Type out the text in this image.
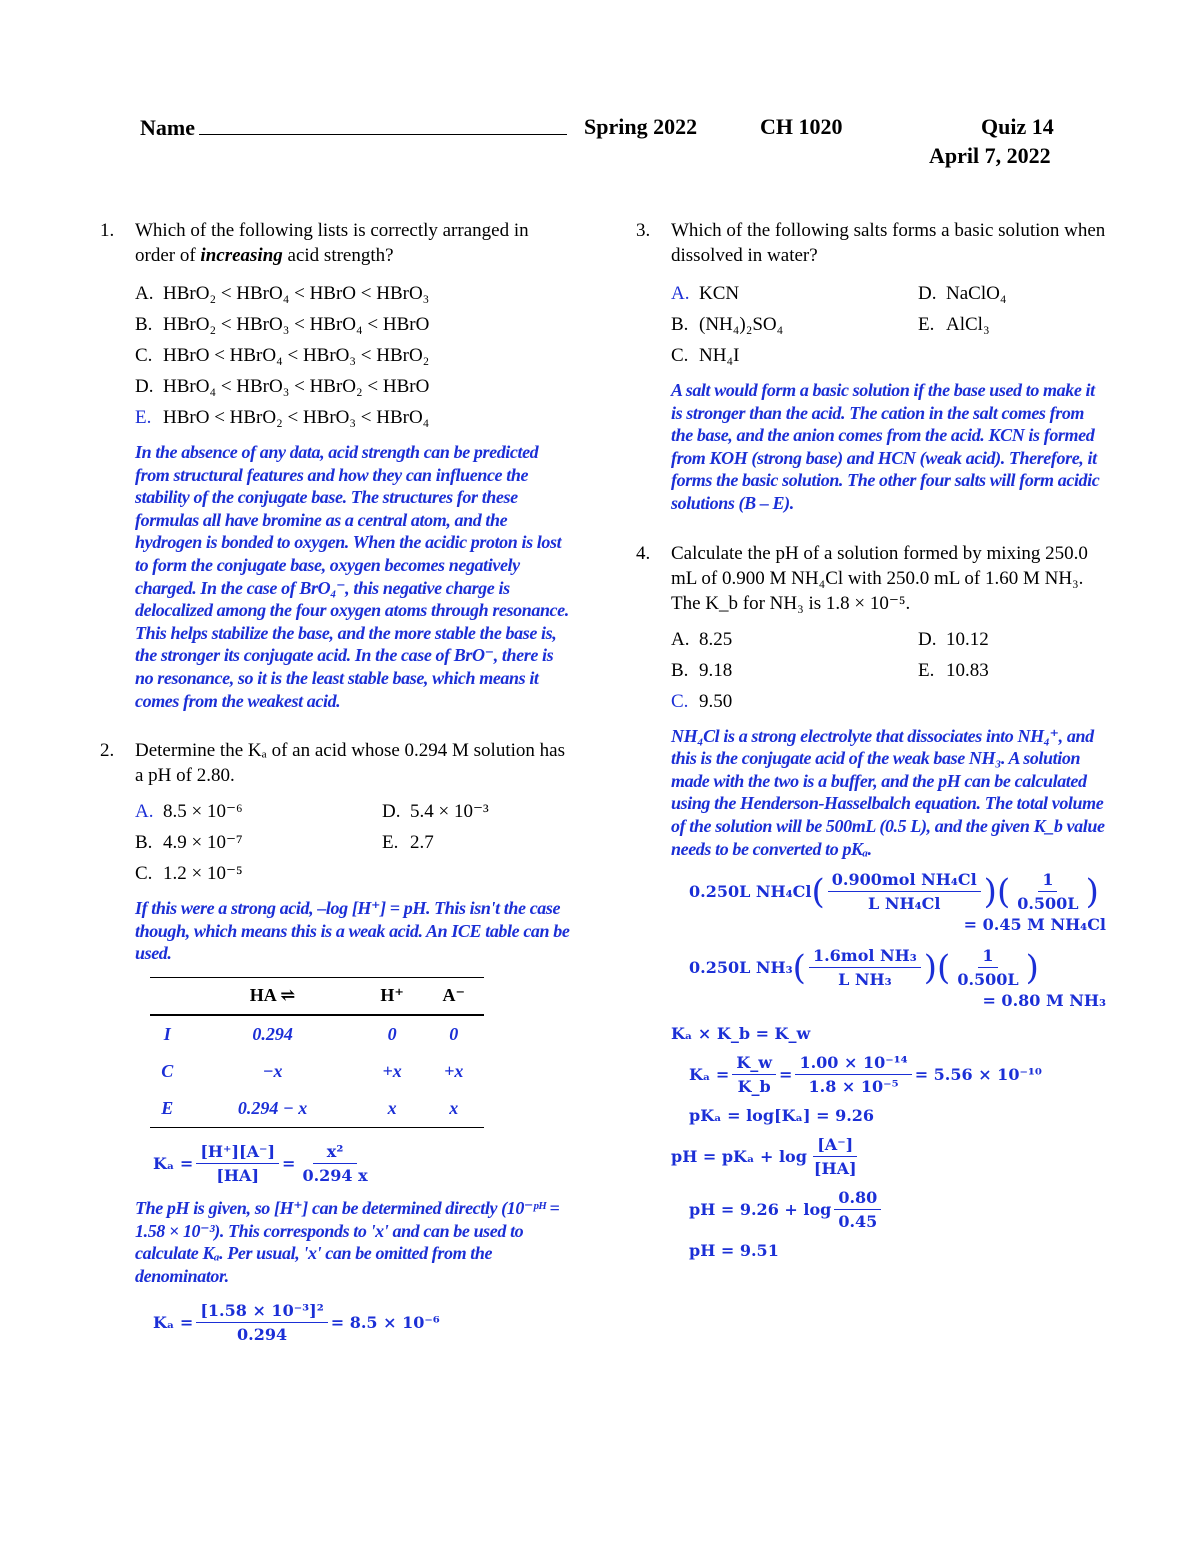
Name	Spring 2022	CH 1020	Quiz 14
April 7, 2022
1.	Which of the following lists is correctly arranged in order of increasing acid strength?
A. HBrO₂ < HBrO₄ < HBrO < HBrO₃
B. HBrO₂ < HBrO₃ < HBrO₄ < HBrO
C. HBrO < HBrO₄ < HBrO₃ < HBrO₂
D. HBrO₄ < HBrO₃ < HBrO₂ < HBrO
E. HBrO < HBrO₂ < HBrO₃ < HBrO₄
In the absence of any data, acid strength can be predicted from structural features and how they can influence the stability of the conjugate base. The structures for these formulas all have bromine as a central atom, and the hydrogen is bonded to oxygen. When the acidic proton is lost to form the conjugate base, oxygen becomes negatively charged. In the case of BrO₄⁻, this negative charge is delocalized among the four oxygen atoms through resonance. This helps stabilize the base, and the more stable the base is, the stronger its conjugate acid. In the case of BrO⁻, there is no resonance, so it is the least stable base, which means it comes from the weakest acid.
2.	Determine the Kₐ of an acid whose 0.294 M solution has a pH of 2.80.
A. 8.5 × 10⁻⁶	D. 5.4 × 10⁻³
B. 4.9 × 10⁻⁷	E. 2.7
C. 1.2 × 10⁻⁵
If this were a strong acid, –log [H⁺] = pH. This isn't the case though, which means this is a weak acid. An ICE table can be used.
	HA ⇌	H⁺	A⁻
I	0.294	0	0
C	−x	+x	+x
E	0.294 − x	x	x
$K_a = \frac{[H^+][A^-]}{[HA]} = \frac{\text{x²}}{0.294 x}$
The pH is given, so [H⁺] can be determined directly (10⁻ᵖᴴ = 1.58 × 10⁻³). This corresponds to 'x' and can be used to calculate Kₐ. Per usual, 'x' can be omitted from the denominator.
$K_a = \frac{\text{[1.58 × 10⁻³]²}}{0.294} = 8.5 \times 10^{-6}$
3.	Which of the following salts forms a basic solution when dissolved in water?
A. KCN	D. NaClO₄
B. (NH₄)₂SO₄	E. AlCl₃
C. NH₄I
A salt would form a basic solution if the base used to make it is stronger than the acid. The cation in the salt comes from the base, and the anion comes from the acid. KCN is formed from KOH (strong base) and HCN (weak acid). Therefore, it forms the basic solution. The other four salts will form acidic solutions (B – E).
4.	Calculate the pH of a solution formed by mixing 250.0 mL of 0.900 M NH₄Cl with 250.0 mL of 1.60 M NH₃. The K_b for NH₃ is 1.8 × 10⁻⁵.
A. 8.25	D. 10.12
B. 9.18	E. 10.83
C. 9.50
NH₄Cl is a strong electrolyte that dissociates into NH₄⁺, and this is the conjugate acid of the weak base NH₃. A solution made with the two is a buffer, and the pH can be calculated using the Henderson-Hasselbalch equation. The total volume of the solution will be 500mL (0.5 L), and the given K_b value needs to be converted to pKₐ.
0.250L NH₄Cl ( $\frac{\text{0.900mol NH₄Cl}}{\text{L NH₄Cl}}$ ) ( $\frac{1}{0.500L}$ )
= 0.45 M NH₄Cl
0.250L NH₃ ( $\frac{\text{1.6mol NH₃}}{\text{L NH₃}}$ ) ( $\frac{1}{0.500L}$ )
= 0.80 M NH₃
Kₐ × K_b = K_w
$K_a = \frac{K\_w}{K\_b} = \frac{\text{1.00 × 10⁻¹⁴}}{\text{1.8 × 10⁻⁵}} = 5.56 \times 10^{-10}$
pKₐ = log[Kₐ] = 9.26
pH = $pK_a + \log \frac{[A^-]}{[HA]}$
pH = $9.26 + \log \frac{0.80}{0.45}$
pH = 9.51
